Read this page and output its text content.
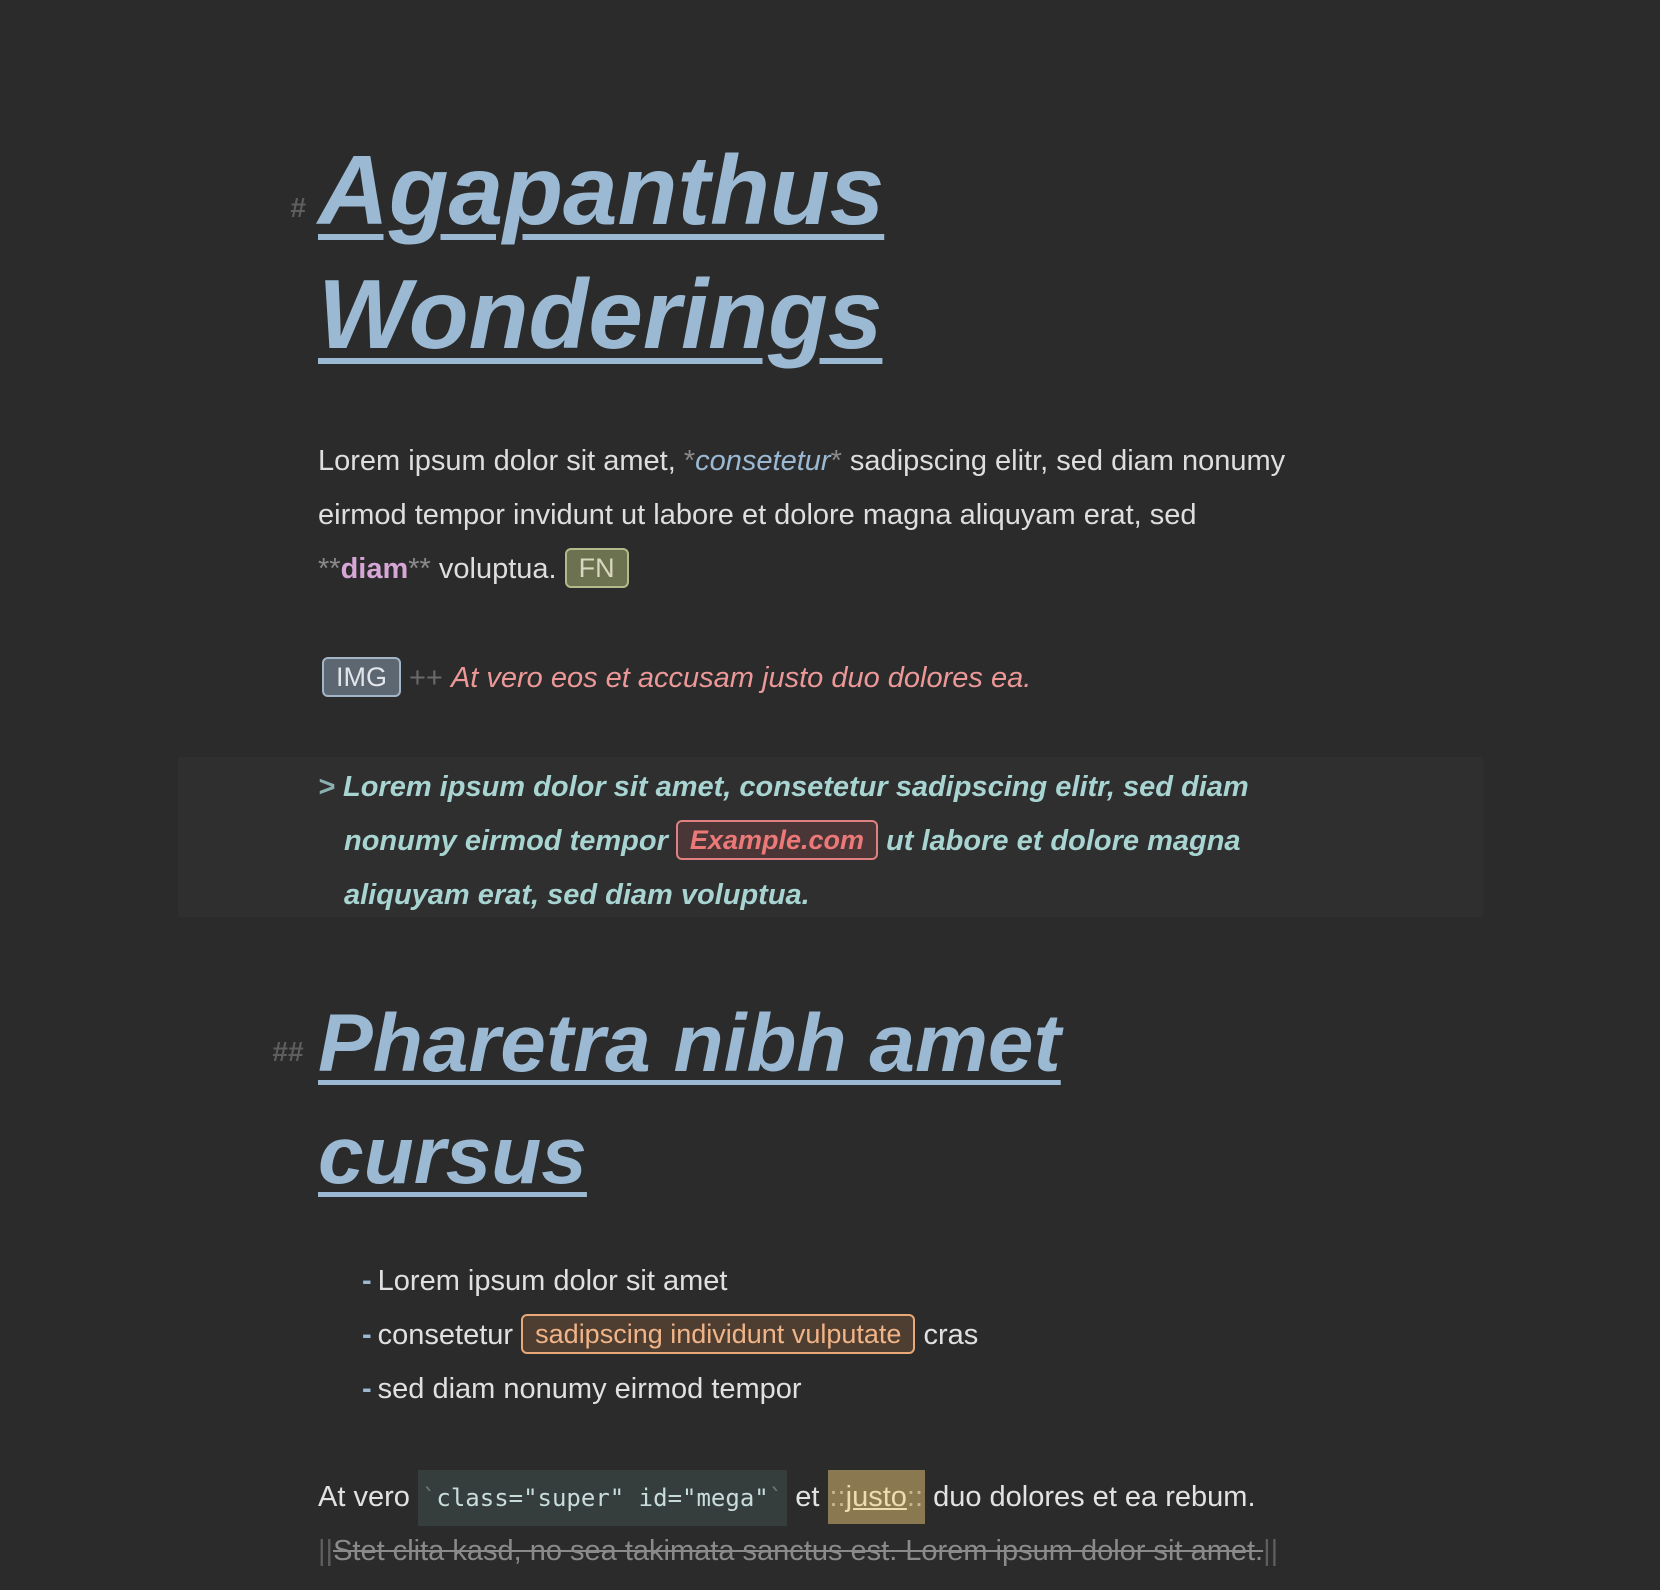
# Agapanthus
Wonderings
Lorem ipsum dolor sit amet, *consetetur* sadipscing elitr, sed diam nonumy
eirmod tempor invidunt ut labore et dolore magna aliquyam erat, sed
**diam** voluptua. FN
IMG ++ At vero eos et accusam justo duo dolores ea.
> Lorem ipsum dolor sit amet, consetetur sadipscing elitr, sed diam
nonumy eirmod tempor Example.com ut labore et dolore magna
aliquyam erat, sed diam voluptua.
## Pharetra nibh amet
cursus
- Lorem ipsum dolor sit amet
- consetetur sadipscing individunt vulputate cras
- sed diam nonumy eirmod tempor
At vero `class="super" id="mega"` et ::justo:: duo dolores et ea rebum.
||Stet clita kasd, no sea takimata sanctus est. Lorem ipsum dolor sit amet.||
